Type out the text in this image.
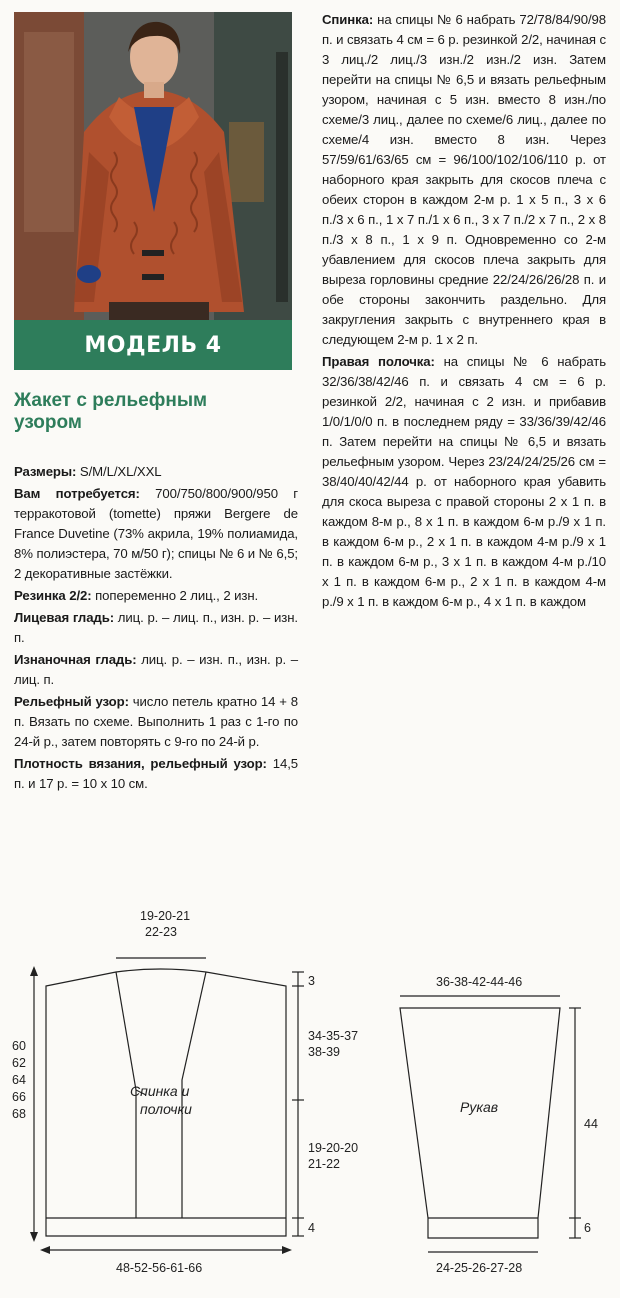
МОДЕЛЬ 4
Жакет с рельефным
узором

Размеры: S/M/L/XL/XXL

Вам потребуется: 700/750/800/900/950 г терракотовой (tomette) пряжи Bergere de France Duvetine (73% акрила, 19% полиамида, 8% полиэстера, 70 м/50 г); спицы № 6 и № 6,5; 2 декоративные застёжки.

Резинка 2/2: попеременно 2 лиц., 2 изн.

Лицевая гладь: лиц. р. – лиц. п., изн. р. – изн. п.

Изнаночная гладь: лиц. р. – изн. п., изн. р. – лиц. п.

Рельефный узор: число петель кратно 14 + 8 п. Вязать по схеме. Выполнить 1 раз с 1-го по 24-й р., затем повторять с 9-го по 24-й р.

Плотность вязания, рельефный узор: 14,5 п. и 17 р. = 10 х 10 см.

Спинка: на спицы № 6 набрать 72/78/84/90/98 п. и связать 4 см = 6 р. резинкой 2/2, начиная с 3 лиц./2 лиц./3 изн./2 изн./2 изн. Затем перейти на спицы № 6,5 и вязать рельефным узором, начиная с 5 изн. вместо 8 изн./по схеме/3 лиц., далее по схеме/6 лиц., далее по схеме/4 изн. вместо 8 изн. Через 57/59/61/63/65 см = 96/100/102/106/110 р. от наборного края закрыть для скосов плеча с обеих сторон в каждом 2-м р. 1 х 5 п., 3 х 6 п./3 х 6 п., 1 х 7 п./1 х 6 п., 3 х 7 п./2 х 7 п., 2 х 8 п./3 х 8 п., 1 х 9 п. Одновременно со 2-м убавлением для скосов плеча закрыть для выреза горловины средние 22/24/26/26/28 п. и обе стороны закончить раздельно. Для закругления закрыть с внутреннего края в следующем 2-м р. 1 х 2 п.

Правая полочка: на спицы № 6 набрать 32/36/38/42/46 п. и связать 4 см = 6 р. резинкой 2/2, начиная с 2 изн. и прибавив 1/0/1/0/0 п. в последнем ряду = 33/36/39/42/46 п. Затем перейти на спицы № 6,5 и вязать рельефным узором. Через 23/24/24/25/26 см = 38/40/40/42/44 р. от наборного края убавить для скоса выреза с правой стороны 2 х 1 п. в каждом 8-м р., 8 х 1 п. в каждом 6-м р./9 х 1 п. в каждом 6-м р., 2 х 1 п. в каждом 4-м р./9 х 1 п. в каждом 6-м р., 3 х 1 п. в каждом 4-м р./10 х 1 п. в каждом 6-м р., 2 х 1 п. в каждом 4-м р./9 х 1 п. в каждом 6-м р., 4 х 1 п. в каждом

19-20-21
22-23
3
34-35-37
38-39
Спинка и
полочки
60
62
64
66
68
19-20-20
21-22
4
48-52-56-61-66
36-38-42-44-46
Рукав
44
6
24-25-26-27-28
